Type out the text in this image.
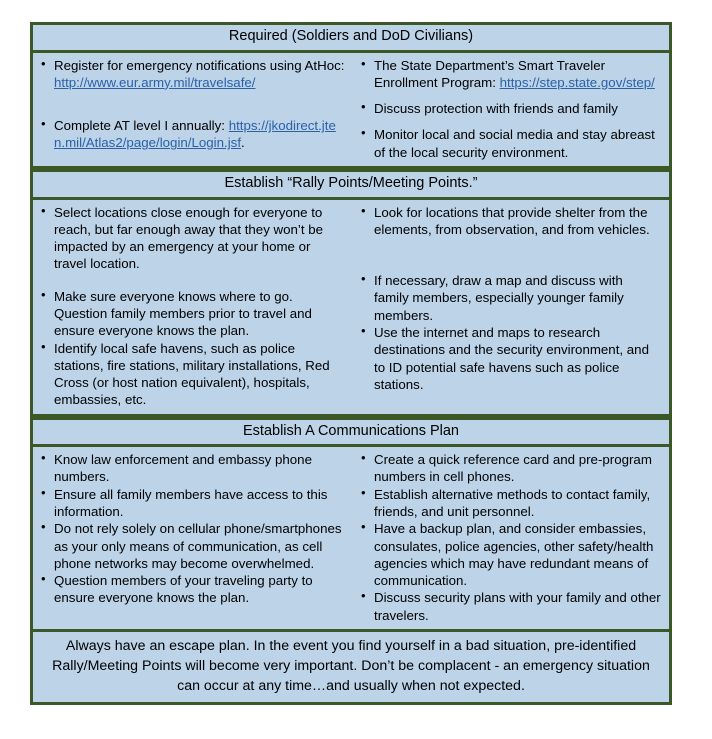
Required (Soldiers and DoD Civilians)
• Register for emergency notifications using AtHoc: http://www.eur.army.mil/travelsafe/
• Complete AT level I annually: https://jkodirect.jten.mil/Atlas2/page/login/Login.jsf.
• The State Department’s Smart Traveler Enrollment Program: https://step.state.gov/step/
• Discuss protection with friends and family
• Monitor local and social media and stay abreast of the local security environment.
Establish “Rally Points/Meeting Points.”
• Select locations close enough for everyone to reach, but far enough away that they won’t be impacted by an emergency at your home or travel location.
• Make sure everyone knows where to go. Question family members prior to travel and ensure everyone knows the plan.
• Identify local safe havens, such as police stations, fire stations, military installations, Red Cross (or host nation equivalent), hospitals, embassies, etc.
• Look for locations that provide shelter from the elements, from observation, and from vehicles.
• If necessary, draw a map and discuss with family members, especially younger family members.
• Use the internet and maps to research destinations and the security environment, and to ID potential safe havens such as police stations.
Establish A Communications Plan
• Know law enforcement and embassy phone numbers.
• Ensure all family members have access to this information.
• Do not rely solely on cellular phone/smartphones as your only means of communication, as cell phone networks may become overwhelmed.
• Question members of your traveling party to ensure everyone knows the plan.
• Create a quick reference card and pre-program numbers in cell phones.
• Establish alternative methods to contact family, friends, and unit personnel.
• Have a backup plan, and consider embassies, consulates, police agencies, other safety/health agencies which may have redundant means of communication.
• Discuss security plans with your family and other travelers.
Always have an escape plan. In the event you find yourself in a bad situation, pre-identified Rally/Meeting Points will become very important. Don’t be complacent - an emergency situation can occur at any time…and usually when not expected.
